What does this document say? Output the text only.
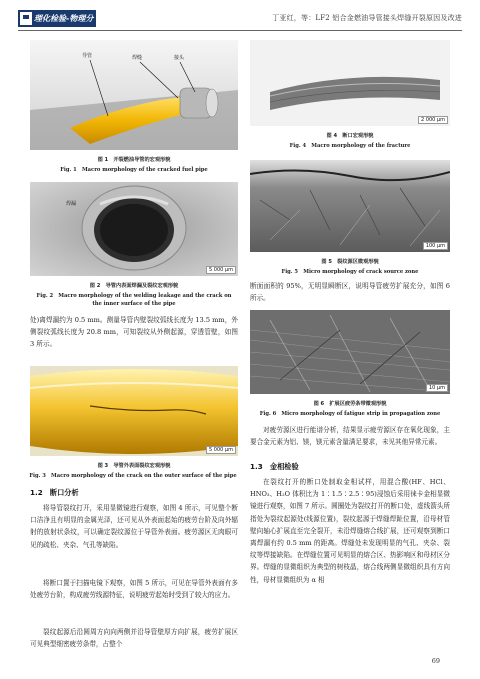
理化检验-物理分册
丁亚红，等：LF2 铝合金燃油导管接头焊缝开裂原因及改进
导管	焊缝	接头
图 1　开裂燃油导管的宏观形貌
Fig. 1　Macro morphology of the cracked fuel pipe
焊漏
5 000 μm
图 2　导管内表面焊漏及裂纹宏观形貌
Fig. 2　Macro morphology of the welding leakage and the crack on the inner surface of the pipe
处)离焊漏约为 0.5 mm。测量导管内壁裂纹弧线长度为 13.5 mm，外侧裂纹弧线长度为 20.8 mm，可知裂纹从外侧起源，穿透管壁，如图 3 所示。
5 000 μm
图 3　导管外表面裂纹宏观形貌
Fig. 3　Macro morphology of the crack on the outer surface of the pipe
1.2　断口分析
将导管裂纹打开，采用显微镜进行观察，如图 4 所示，可见整个断口洁净且有明显的金属光泽，还可见从外表面起始的疲劳台阶及向外辐射的放射状条纹，可以确定裂纹源位于导管外表面。疲劳源区无肉眼可见的疏松、夹杂、气孔等缺陷。
将断口置于扫描电镜下观察，如图 5 所示，可见在导管外表面有多处疲劳台阶，构成疲劳线源特征，说明疲劳起始时受到了较大的应力。
裂纹起源后沿圆周方向向两侧并沿导管壁厚方向扩展，疲劳扩展区可见典型细密疲劳条带，占整个
2 000 μm
图 4　断口宏观形貌
Fig. 4　Macro morphology of the fracture
100 μm
图 5　裂纹源区微观形貌
Fig. 5　Micro morphology of crack source zone
断面面积的 95%，无明显瞬断区，说明导管疲劳扩展充分，如图 6 所示。
10 μm
图 6　扩展区疲劳条带微观形貌
Fig. 6　Micro morphology of fatigue strip in propagation zone
对疲劳源区进行能谱分析，结果显示疲劳源区存在氧化现象，主要合金元素为铝、镁，镁元素含量满足要求，未见其他异常元素。
1.3　金相检验
在裂纹打开的断口处制取金相试样，用混合酸(HF、HCl、HNO₃、H₂O 体积比为 1∶1.5∶2.5∶95)浸蚀后采用徕卡金相显微镜进行观察，如图 7 所示。圆圈处为裂纹打开的断口处，虚线箭头所指处为裂纹起源处(线源位置)，裂纹起源于焊缝焊趾位置，沿母材管壁向轴心扩展直至完全裂开，未沿焊缝熔合线扩展，还可观察到断口离焊漏有约 0.5 mm 的距离。焊缝处未发现明显的气孔、夹杂、裂纹等焊接缺陷。在焊缝位置可见明显的熔合区、热影响区和母材区分界。焊缝的显微组织为典型的树枝晶，熔合线两侧显微组织具有方向性，母材显微组织为 α 相
69
